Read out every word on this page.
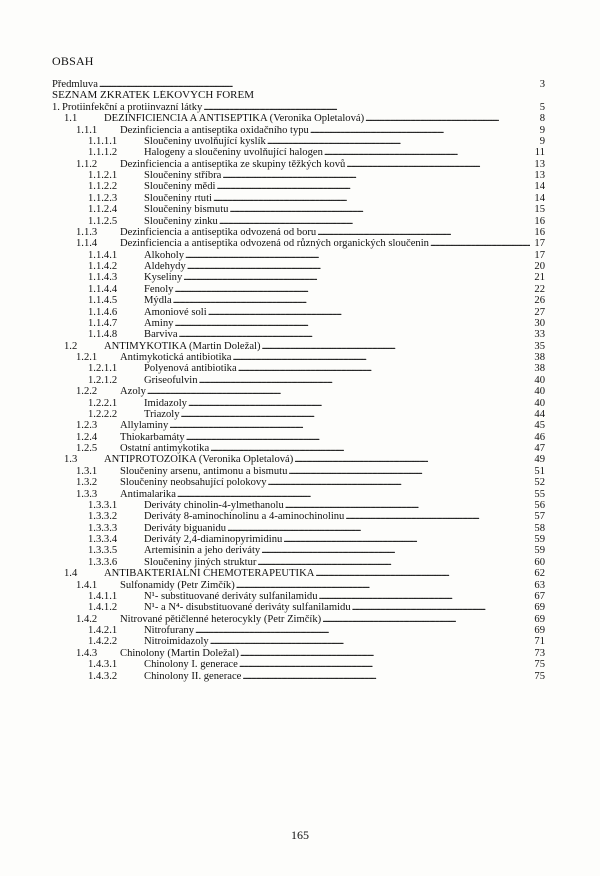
OBSAH
Předmluva . . .	3
SEZNAM ZKRATEK LÉKOVÝCH FOREM
1. Protiinfekční a protiinvazní látky . . .	5
1.1	DEZINFICIENCIA A ANTISEPTIKA (Veronika Opletalová) . . .	8
1.1.1 Dezinficiencia a antiseptika oxidačního typu . . .	9
1.1.1.1	Sloučeniny uvolňující kyslík . . .	9
1.1.1.2	Halogeny a sloučeniny uvolňující halogen . . .	11
1.1.2 Dezinficiencia a antiseptika ze skupiny těžkých kovů . . .	13
1.1.2.1	Sloučeniny stříbra . . .	13
1.1.2.2	Sloučeniny mědi . . .	14
1.1.2.3	Sloučeniny rtuti . . .	14
1.1.2.4	Sloučeniny bismutu . . .	15
1.1.2.5	Sloučeniny zinku . . .	16
1.1.3 Dezinficiencia a antiseptika odvozená od boru . . .	16
1.1.4 Dezinficiencia a antiseptika odvozená od různých organických sloučenin . . .	17
1.1.4.1	Alkoholy . . .	17
1.1.4.2	Aldehydy . . .	20
1.1.4.3	Kyseliny . . .	21
1.1.4.4	Fenoly . . .	22
1.1.4.5	Mýdla . . .	26
1.1.4.6	Amoniové soli . . .	27
1.1.4.7	Aminy . . .	30
1.1.4.8	Barviva . . .	33
1.2	ANTIMYKOTIKA (Martin Doležal) . . .	35
1.2.1 Antimykotická antibiotika . . .	38
1.2.1.1	Polyenová antibiotika . . .	38
1.2.1.2	Griseofulvin . . .	40
1.2.2 Azoly . . .	40
1.2.2.1	Imidazoly . . .	40
1.2.2.2	Triazoly . . .	44
1.2.3 Allylaminy . . .	45
1.2.4 Thiokarbamáty . . .	46
1.2.5 Ostatní antimykotika . . .	47
1.3	ANTIPROTOZOIKA (Veronika Opletalová) . . .	49
1.3.1 Sloučeniny arsenu, antimonu a bismutu . . .	51
1.3.2 Sloučeniny neobsahující polokovy . . .	52
1.3.3 Antimalarika . . .	55
1.3.3.1	Deriváty chinolin-4-ylmethanolu . . .	56
1.3.3.2	Deriváty 8-aminochinolinu a 4-aminochinolinu . . .	57
1.3.3.3	Deriváty biguanidu . . .	58
1.3.3.4	Deriváty 2,4-diaminopyrimidinu . . .	59
1.3.3.5	Artemisinin a jeho deriváty . . .	59
1.3.3.6	Sloučeniny jiných struktur . . .	60
1.4	ANTIBAKTERIÁLNÍ CHEMOTERAPEUTIKA . . .	62
1.4.1 Sulfonamidy (Petr Zimčík) . . .	63
1.4.1.1	N¹- substituované deriváty sulfanilamidu . . .	67
1.4.1.2	N¹- a N⁴- disubstituované deriváty sulfanilamidu . . .	69
1.4.2 Nitrované pětičlenné heterocykly (Petr Zimčík) . . .	69
1.4.2.1	Nitrofurany . . .	69
1.4.2.2	Nitroimidazoly . . .	71
1.4.3 Chinolony (Martin Doležal) . . .	73
1.4.3.1	Chinolony I. generace . . .	75
1.4.3.2	Chinolony II. generace . . .	75
165
